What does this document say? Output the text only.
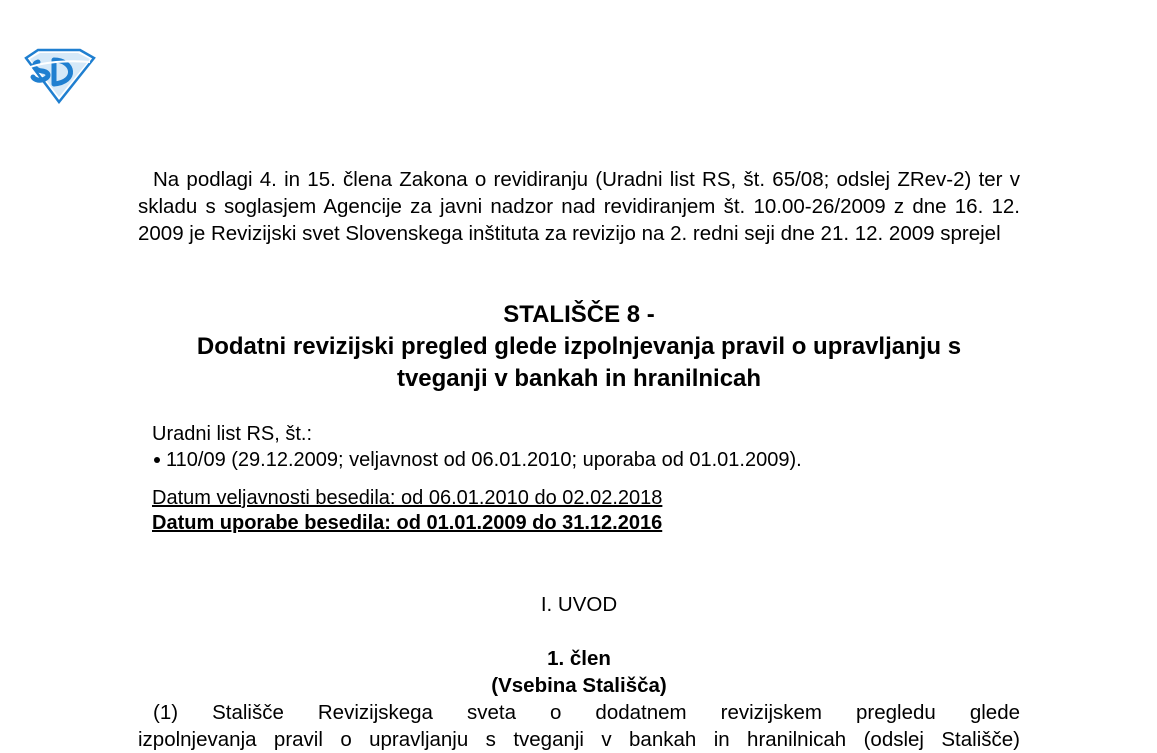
Na podlagi 4. in 15. člena Zakona o revidiranju (Uradni list RS, št. 65/08; odslej ZRev-2) ter v skladu s soglasjem Agencije za javni nadzor nad revidiranjem št. 10.00-26/2009 z dne 16. 12. 2009 je Revizijski svet Slovenskega inštituta za revizijo na 2. redni seji dne 21. 12. 2009 sprejel

STALIŠČE 8 -
Dodatni revizijski pregled glede izpolnjevanja pravil o upravljanju s
tveganji v bankah in hranilnicah
Uradni list RS, št.:
110/09 (29.12.2009; veljavnost od 06.01.2010; uporaba od 01.01.2009).
Datum veljavnosti besedila: od 06.01.2010 do 02.02.2018
Datum uporabe besedila: od 01.01.2009 do 31.12.2016
I. UVOD
1. člen
(Vsebina Stališča)

(1) Stališče Revizijskega sveta o dodatnem revizijskem pregledu glede

izpolnjevanja pravil o upravljanju s tveganji v bankah in hranilnicah (odslej Stališče)
